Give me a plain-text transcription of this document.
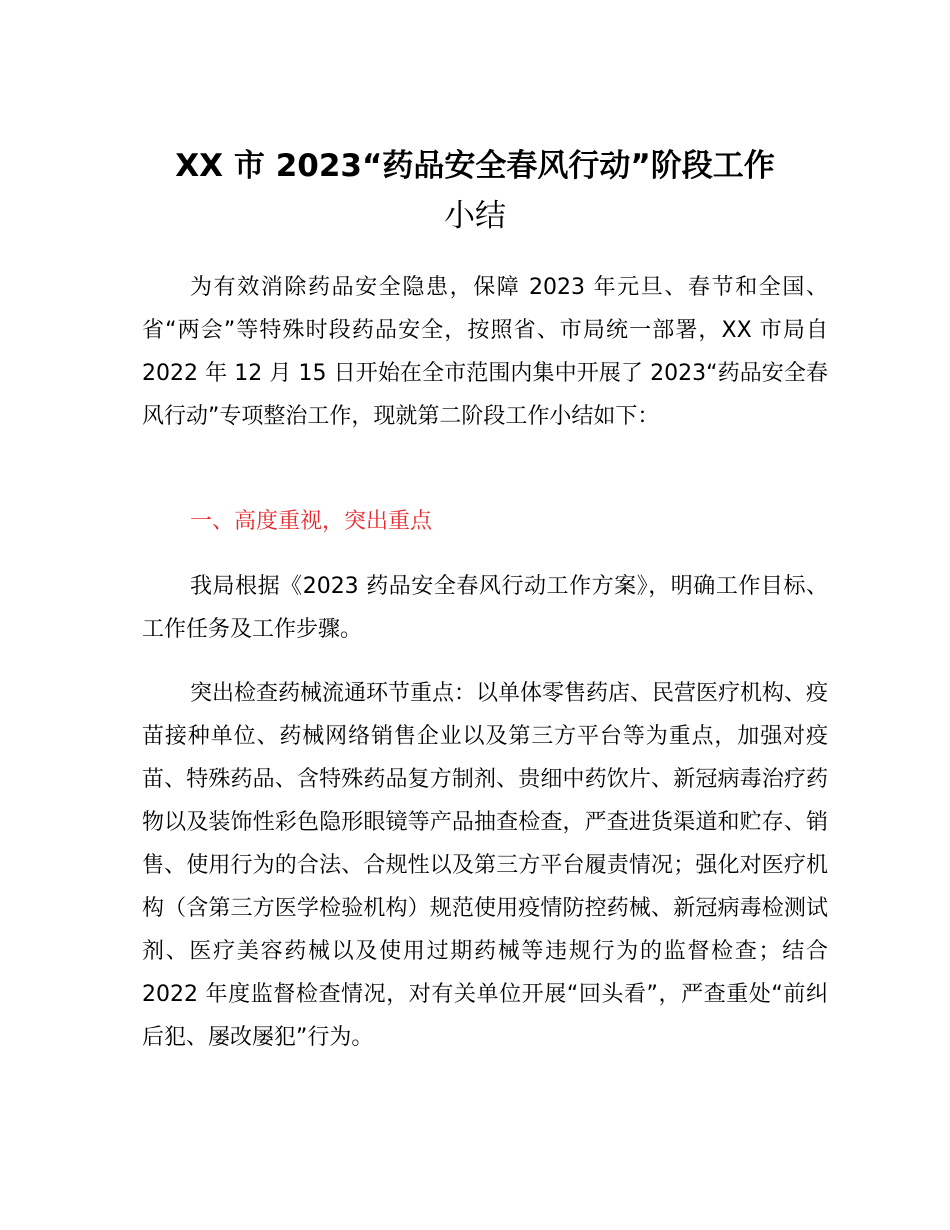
XX 市 2023“药品安全春风行动”阶段工作
小结

为有效消除药品安全隐患，保障 2023 年元旦、春节和全国、省“两会”等特殊时段药品安全，按照省、市局统一部署，XX 市局自 2022 年 12 月 15 日开始在全市范围内集中开展了 2023“药品安全春风行动”专项整治工作，现就第二阶段工作小结如下：

一、高度重视，突出重点

我局根据《2023 药品安全春风行动工作方案》，明确工作目标、工作任务及工作步骤。

突出检查药械流通环节重点：以单体零售药店、民营医疗机构、疫苗接种单位、药械网络销售企业以及第三方平台等为重点，加强对疫苗、特殊药品、含特殊药品复方制剂、贵细中药饮片、新冠病毒治疗药物以及装饰性彩色隐形眼镜等产品抽查检查，严查进货渠道和贮存、销售、使用行为的合法、合规性以及第三方平台履责情况；强化对医疗机构（含第三方医学检验机构）规范使用疫情防控药械、新冠病毒检测试剂、医疗美容药械以及使用过期药械等违规行为的监督检查；结合 2022 年度监督检查情况，对有关单位开展“回头看”，严查重处“前纠后犯、屡改屡犯”行为。
